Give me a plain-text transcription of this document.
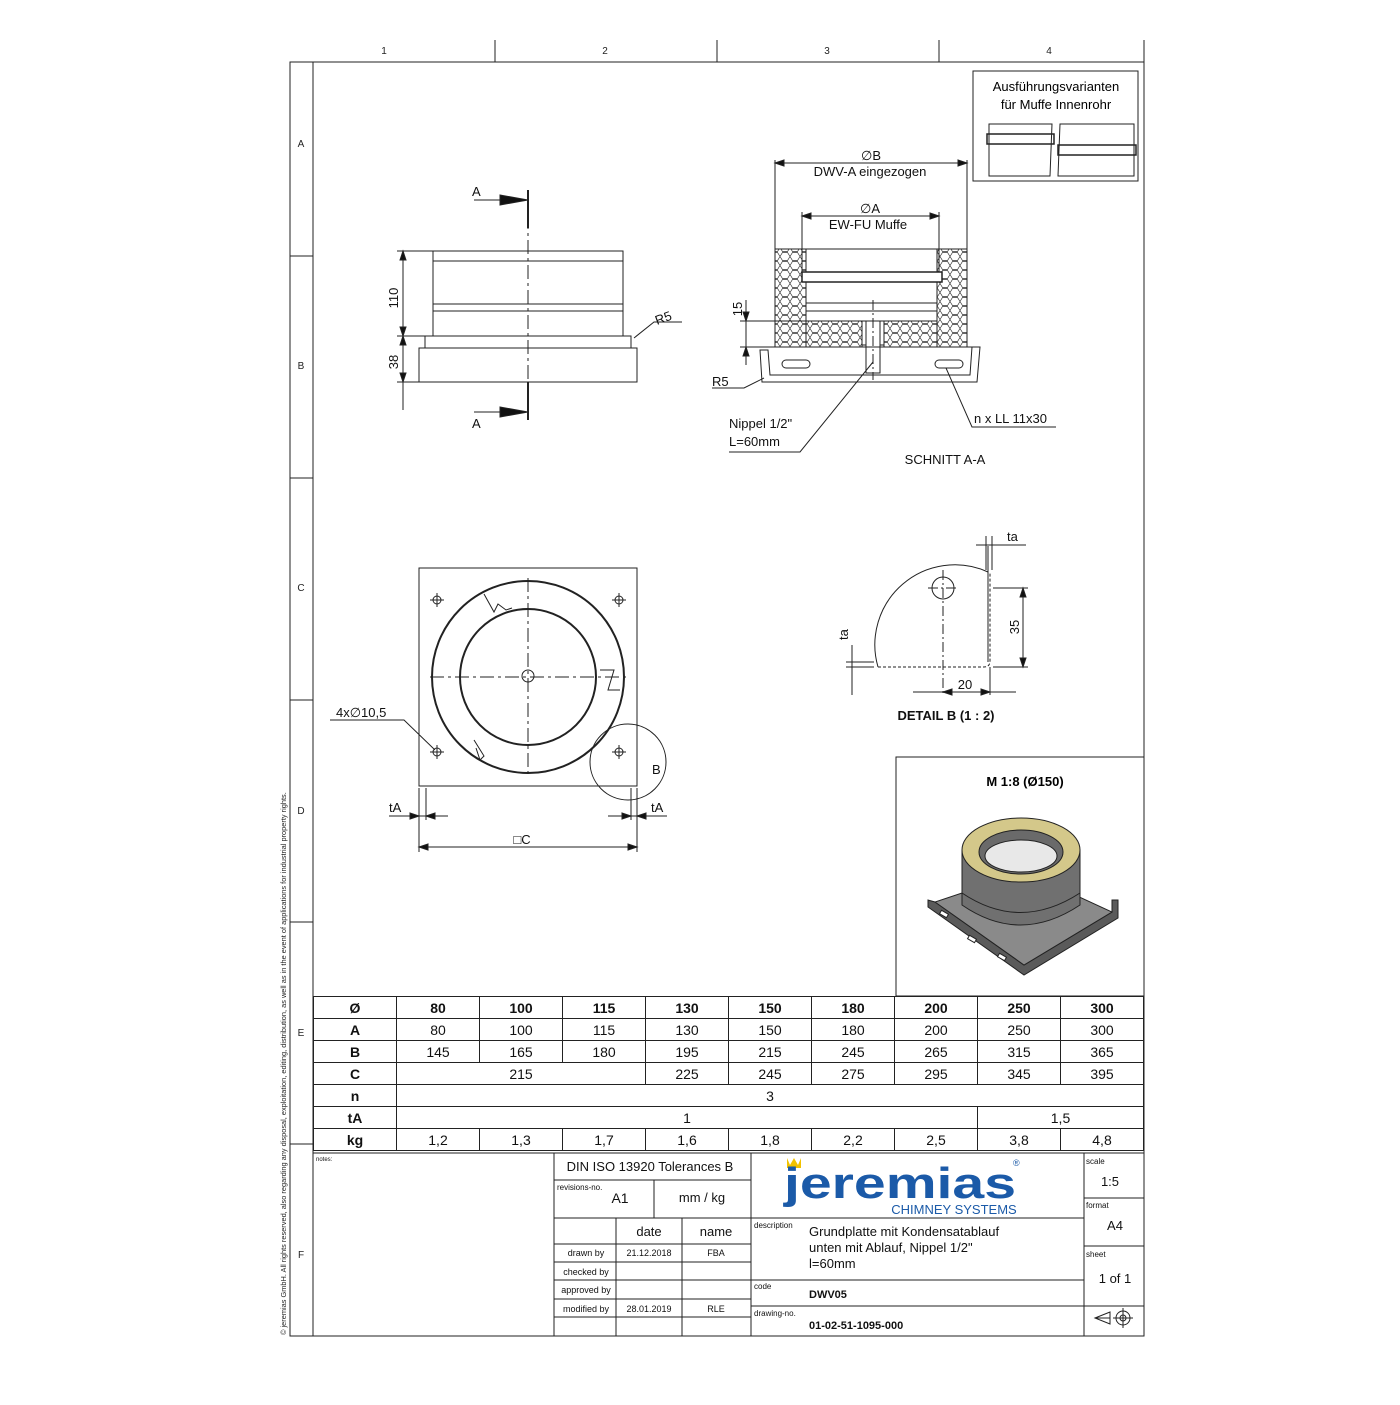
1	2	3	4
A
B
C
D
E
F
Ausführungsvarianten
für Muffe Innenrohr
A
A
110
38
R5
∅B
DWV-A eingezogen
∅A
EW-FU Muffe
15
R5
Nippel 1/2"
L=60mm
n x LL 11x30
SCHNITT A-A
4x∅10,5
B
tA	tA
□C
ta
ta
35
20
DETAIL B (1 : 2)
M 1:8 (Ø150)
notes:	DIN ISO 13920 Tolerances B
revisions-no.
A1	mm / kg
date	name
drawn by 21.12.2018	FBA
checked by
approved by
modified by 28.01.2019	RLE
jeremias
®
CHIMNEY SYSTEMS
description Grundplatte mit Kondensatablauf
unten mit Ablauf, Nippel 1/2"
l=60mm
code
DWV05
drawing-no.
01-02-51-1095-000
scale
1:5
format
A4
sheet
1 of 1
© jeremias GmbH. All rights reserved, also regarding any disposal, exploitation, editing, distribution, as well as in the event of applications for industrial property rights.	Ø	80	100	115	130	150	180	200	250	300
A	80	100	115	130	150	180	200	250	300
B	145	165	180	195	215	245	265	315	365
C	215			225	245	275	295	345	395
n	3								
tA	1							1,5	
kg	1,2	1,3	1,7	1,6	1,8	2,2	2,5	3,8	4,8
